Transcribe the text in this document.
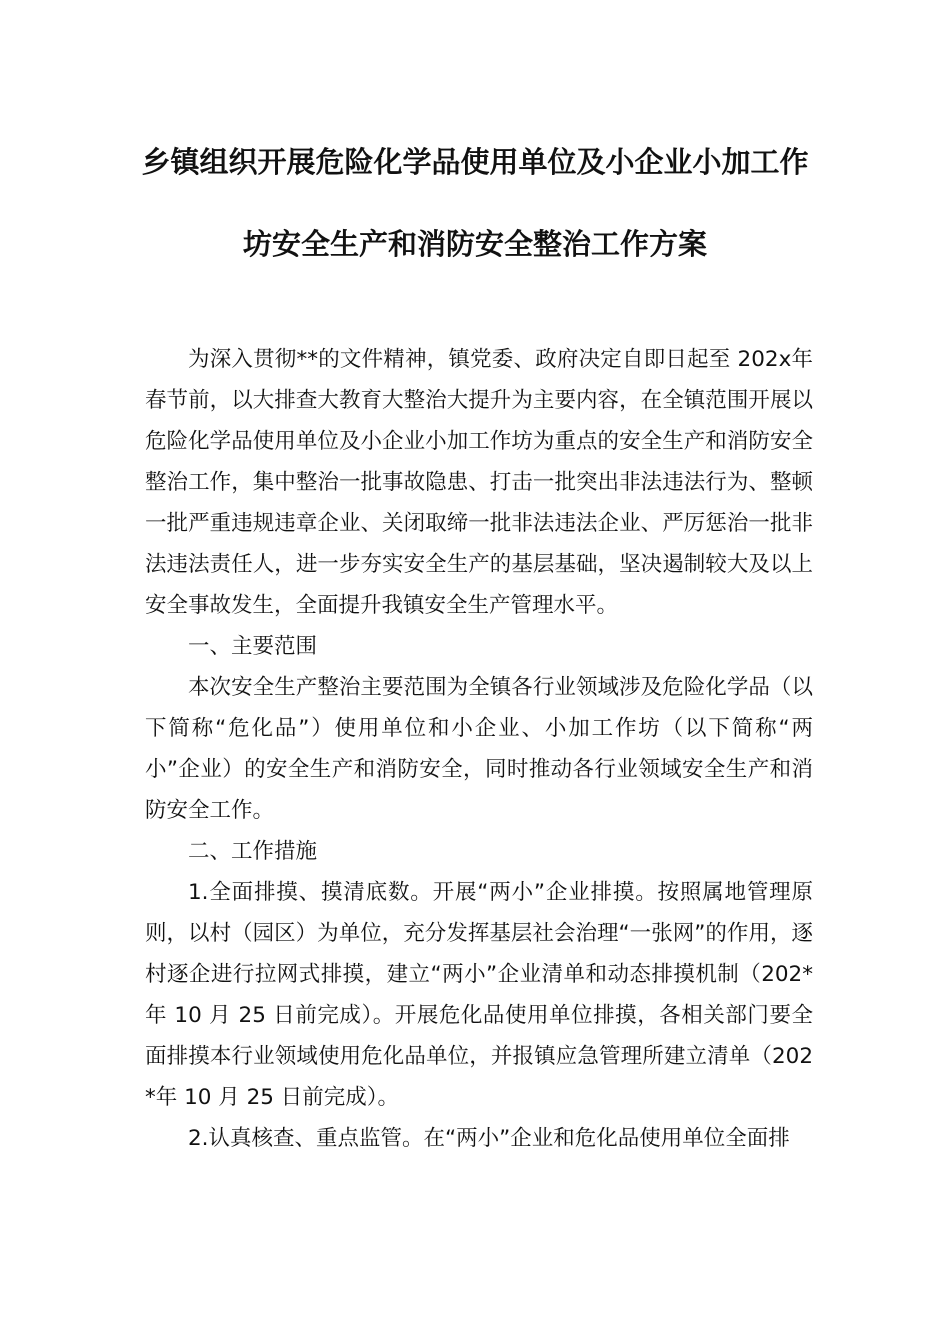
乡镇组织开展危险化学品使用单位及小企业小加工作
坊安全生产和消防安全整治工作方案

为深入贯彻**的文件精神，镇党委、政府决定自即日起至 202x年春节前，以大排查大教育大整治大提升为主要内容，在全镇范围开展以危险化学品使用单位及小企业小加工作坊为重点的安全生产和消防安全整治工作，集中整治一批事故隐患、打击一批突出非法违法行为、整顿一批严重违规违章企业、关闭取缔一批非法违法企业、严厉惩治一批非法违法责任人，进一步夯实安全生产的基层基础，坚决遏制较大及以上安全事故发生，全面提升我镇安全生产管理水平。

一、主要范围

本次安全生产整治主要范围为全镇各行业领域涉及危险化学品（以下简称“危化品”）使用单位和小企业、小加工作坊（以下简称“两小”企业）的安全生产和消防安全，同时推动各行业领域安全生产和消防安全工作。

二、工作措施

1.全面排摸、摸清底数。开展“两小”企业排摸。按照属地管理原则，以村（园区）为单位，充分发挥基层社会治理“一张网”的作用，逐村逐企进行拉网式排摸，建立“两小”企业清单和动态排摸机制（202*年 10 月 25 日前完成）。开展危化品使用单位排摸，各相关部门要全面排摸本行业领域使用危化品单位，并报镇应急管理所建立清单（202*年 10 月 25 日前完成）。

2.认真核查、重点监管。在“两小”企业和危化品使用单位全面排
